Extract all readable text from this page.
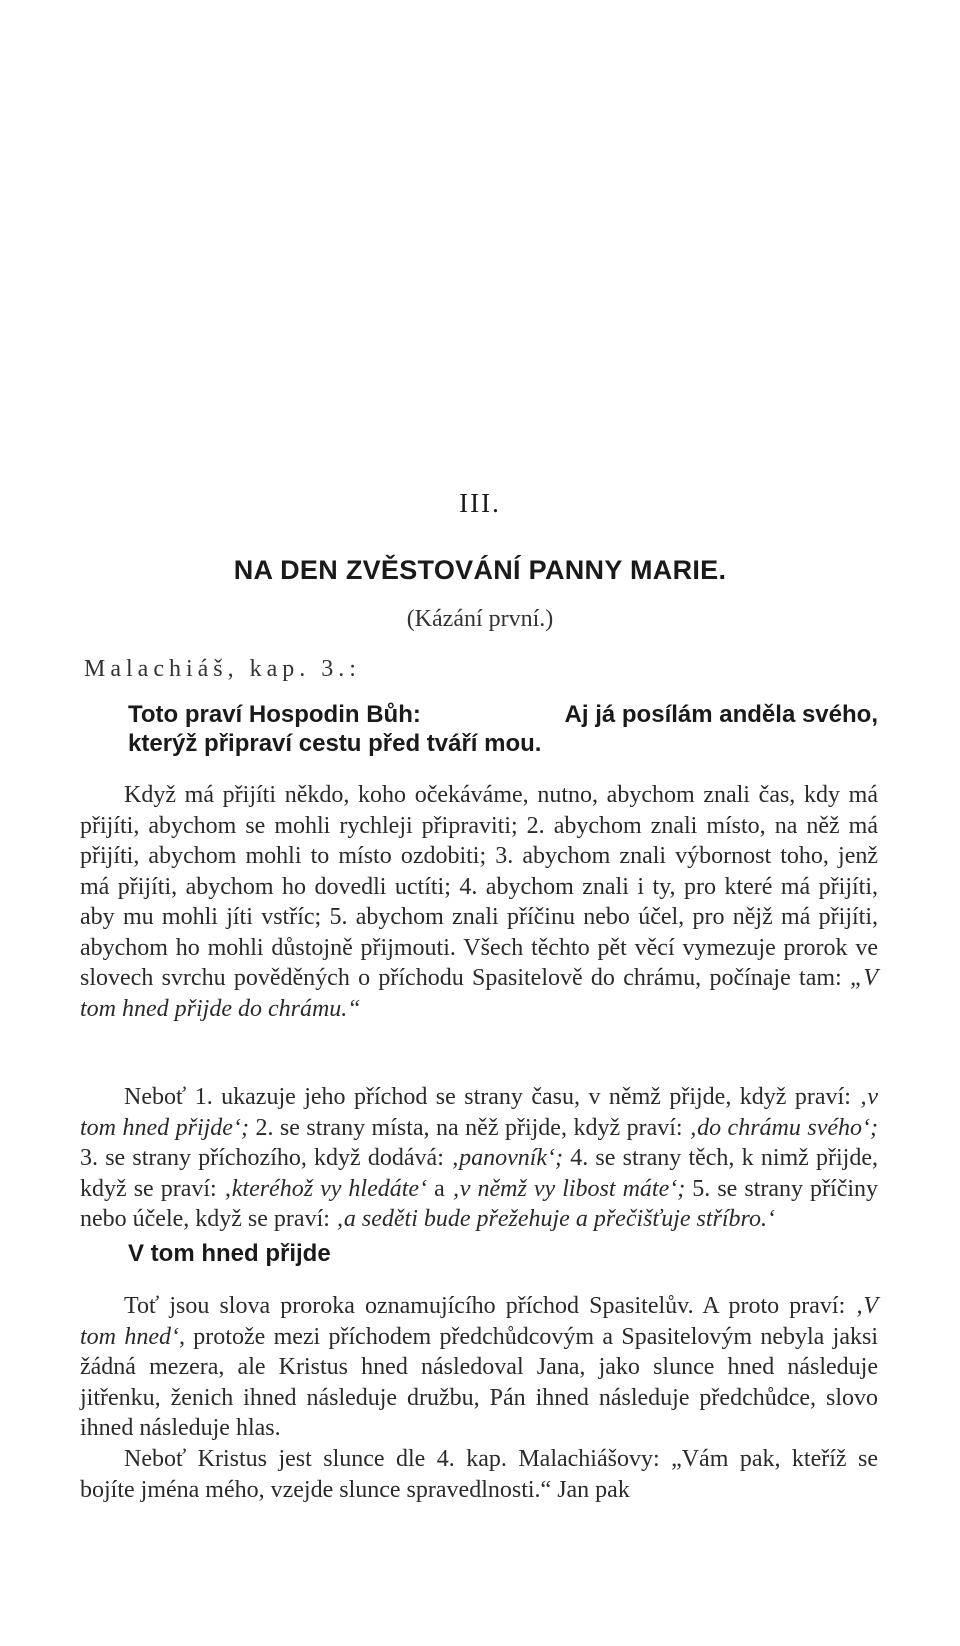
III.
NA DEN ZVĚSTOVÁNÍ PANNY MARIE.
(Kázání první.)
Malachiáš, kap. 3.:
Toto praví Hospodin Bůh:	Aj já posílám anděla svého,
kterýž připraví cestu před tváří mou.

Když má přijíti někdo, koho očekáváme, nutno, abychom znali čas, kdy má přijíti, abychom se mohli rychleji připraviti; 2. abychom znali místo, na něž má přijíti, abychom mohli to místo ozdobiti; 3. abychom znali výbornost toho, jenž má přijíti, abychom ho dovedli uctíti; 4. abychom znali i ty, pro které má přijíti, aby mu mohli jíti vstříc; 5. abychom znali příčinu nebo účel, pro nějž má přijíti, abychom ho mohli důstojně přijmouti. Všech těchto pět věcí vymezuje prorok ve slovech svrchu pověděných o příchodu Spasitelově do chrámu, počínaje tam: „V tom hned přijde do chrámu.“

Neboť 1. ukazuje jeho příchod se strany času, v němž přijde, když praví: ‚v tom hned přijde‘; 2. se strany místa, na něž přijde, když praví: ‚do chrámu svého‘; 3. se strany příchozího, když dodává: ‚panovník‘; 4. se strany těch, k nimž přijde, když se praví: ‚kteréhož vy hledáte‘ a ‚v němž vy libost máte‘; 5. se strany příčiny nebo účele, když se praví: ‚a seděti bude přežehuje a přečišťuje stříbro.‘

V tom hned přijde

Toť jsou slova proroka oznamujícího příchod Spasitelův. A proto praví: ‚V tom hned‘, protože mezi příchodem předchůdcovým a Spasitelovým nebyla jaksi žádná mezera, ale Kristus hned následoval Jana, jako slunce hned následuje jitřenku, ženich ihned následuje družbu, Pán ihned následuje předchůdce, slovo ihned následuje hlas.

Neboť Kristus jest slunce dle 4. kap. Malachiášovy: „Vám pak, kteříž se bojíte jména mého, vzejde slunce spravedlnosti.“ Jan pak
